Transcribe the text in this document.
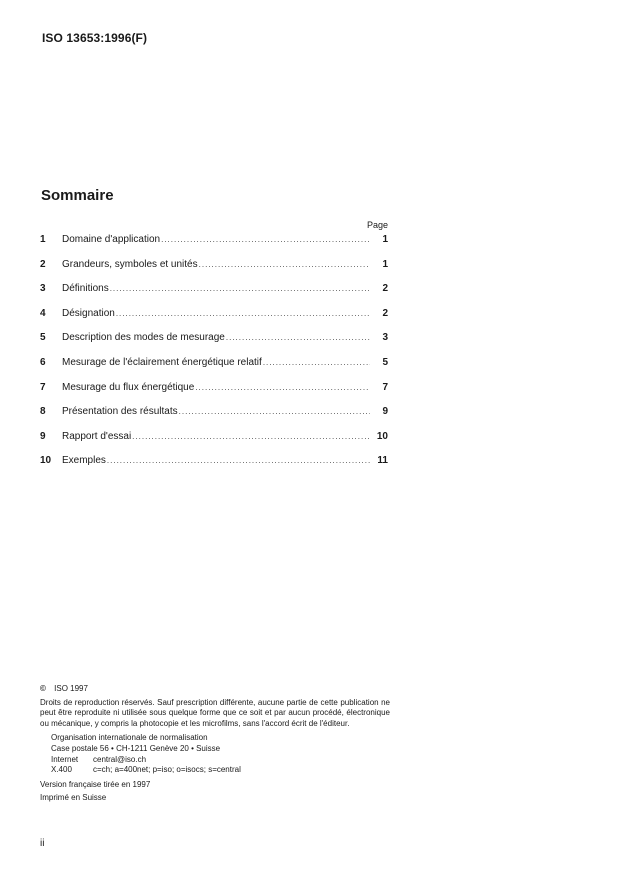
ISO 13653:1996(F)
Sommaire
Page
1	Domaine d'application .....	1
2	Grandeurs, symboles et unités .....	1
3	Définitions .....	2
4	Désignation .....	2
5	Description des modes de mesurage .....	3
6	Mesurage de l'éclairement énergétique relatif .....	5
7	Mesurage du flux énergétique .....	7
8	Présentation des résultats .....	9
9	Rapport d'essai .....	10
10	Exemples .....	11
© ISO 1997

Droits de reproduction réservés. Sauf prescription différente, aucune partie de cette publication ne peut être reproduite ni utilisée sous quelque forme que ce soit et par aucun procédé, électronique ou mécanique, y compris la photocopie et les microfilms, sans l'accord écrit de l'éditeur.

Organisation internationale de normalisation
Case postale 56 • CH-1211 Genève 20 • Suisse
Internet	central@iso.ch
X.400	c=ch; a=400net; p=iso; o=isocs; s=central
Version française tirée en 1997
Imprimé en Suisse
ii
